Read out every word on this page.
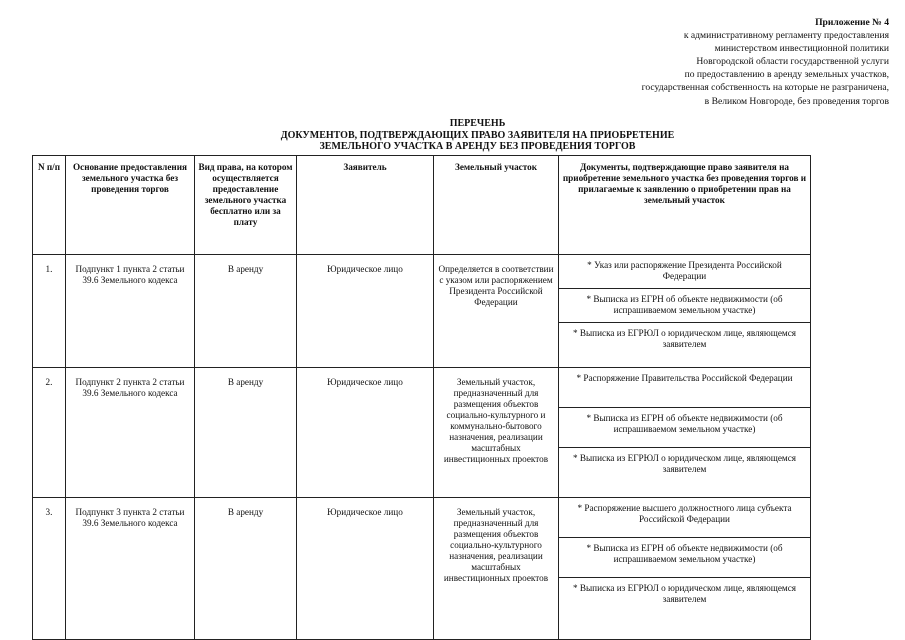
Приложение № 4
к административному регламенту предоставления
министерством инвестиционной политики
Новгородской области государственной услуги
по предоставлению в аренду земельных участков,
государственная собственность на которые не разграничена,
в Великом Новгороде, без проведения торгов
ПЕРЕЧЕНЬ
ДОКУМЕНТОВ, ПОДТВЕРЖДАЮЩИХ ПРАВО ЗАЯВИТЕЛЯ НА ПРИОБРЕТЕНИЕ
ЗЕМЕЛЬНОГО УЧАСТКА В АРЕНДУ БЕЗ ПРОВЕДЕНИЯ ТОРГОВ
N п/п	Основание предоставления земельного участка без проведения торгов	Вид права, на котором осуществляется предоставление земельного участка бесплатно или за плату	Заявитель	Земельный участок	Документы, подтверждающие право заявителя на приобретение земельного участка без проведения торгов и прилагаемые к заявлению о приобретении прав на земельный участок
1.	Подпункт 1 пункта 2 статьи 39.6 Земельного кодекса	В аренду	Юридическое лицо	Определяется в соответствии с указом или распоряжением Президента Российской Федерации	* Указ или распоряжение Президента Российской Федерации
* Выписка из ЕГРН об объекте недвижимости (об испрашиваемом земельном участке)
* Выписка из ЕГРЮЛ о юридическом лице, являющемся заявителем

2.	Подпункт 2 пункта 2 статьи 39.6 Земельного кодекса	В аренду	Юридическое лицо	Земельный участок, предназначенный для размещения объектов социально-культурного и коммунально-бытового назначения, реализации масштабных инвестиционных проектов	* Распоряжение Правительства Российской Федерации
* Выписка из ЕГРН об объекте недвижимости (об испрашиваемом земельном участке)
* Выписка из ЕГРЮЛ о юридическом лице, являющемся заявителем

3.	Подпункт 3 пункта 2 статьи 39.6 Земельного кодекса	В аренду	Юридическое лицо	Земельный участок, предназначенный для размещения объектов социально-культурного назначения, реализации масштабных инвестиционных проектов	* Распоряжение высшего должностного лица субъекта Российской Федерации
* Выписка из ЕГРН об объекте недвижимости (об испрашиваемом земельном участке)
* Выписка из ЕГРЮЛ о юридическом лице, являющемся заявителем
